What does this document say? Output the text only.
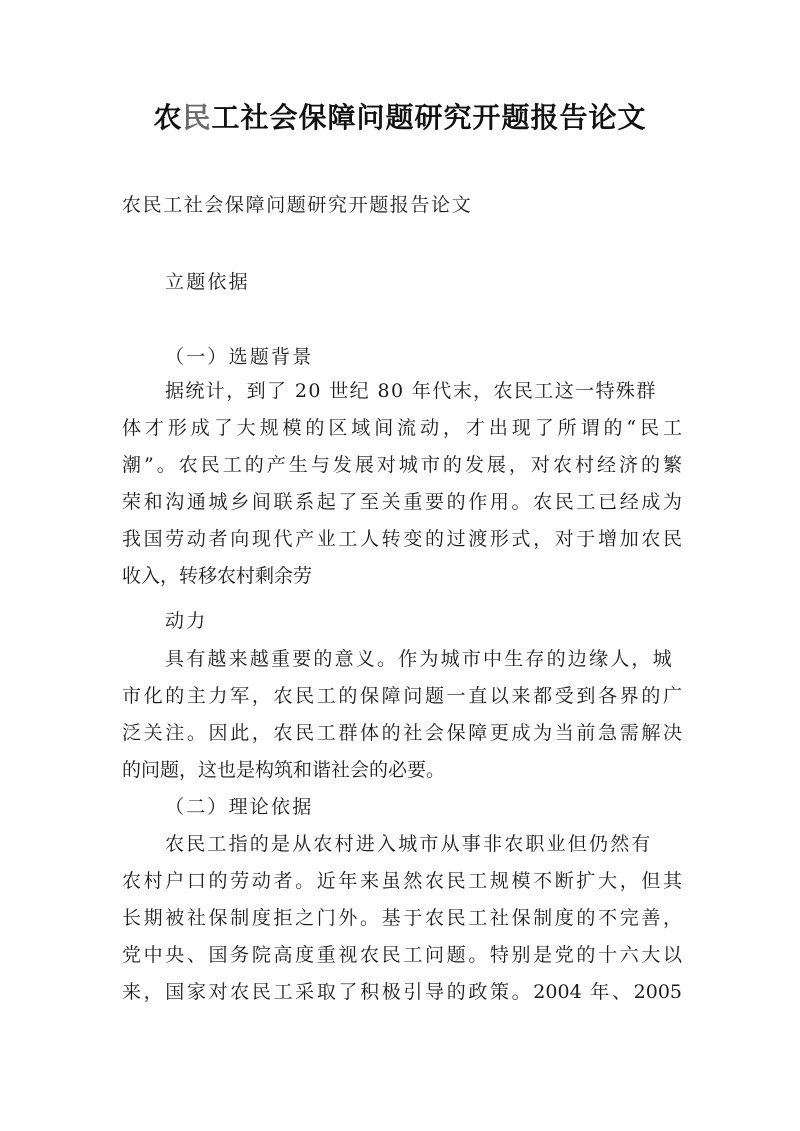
农民工社会保障问题研究开题报告论文

农民工社会保障问题研究开题报告论文

立题依据

（一）选题背景

据统计，到了 20 世纪 80 年代末，农民工这一特殊群

体才形成了大规模的区域间流动，才出现了所谓的“民工

潮”。农民工的产生与发展对城市的发展，对农村经济的繁

荣和沟通城乡间联系起了至关重要的作用。农民工已经成为

我国劳动者向现代产业工人转变的过渡形式，对于增加农民

收入，转移农村剩余劳

动力

具有越来越重要的意义。作为城市中生存的边缘人，城

市化的主力军，农民工的保障问题一直以来都受到各界的广

泛关注。因此，农民工群体的社会保障更成为当前急需解决

的问题，这也是构筑和谐社会的必要。

（二）理论依据

农民工指的是从农村进入城市从事非农职业但仍然有

农村户口的劳动者。近年来虽然农民工规模不断扩大，但其

长期被社保制度拒之门外。基于农民工社保制度的不完善，

党中央、国务院高度重视农民工问题。特别是党的十六大以

来，国家对农民工采取了积极引导的政策。2004 年、2005
